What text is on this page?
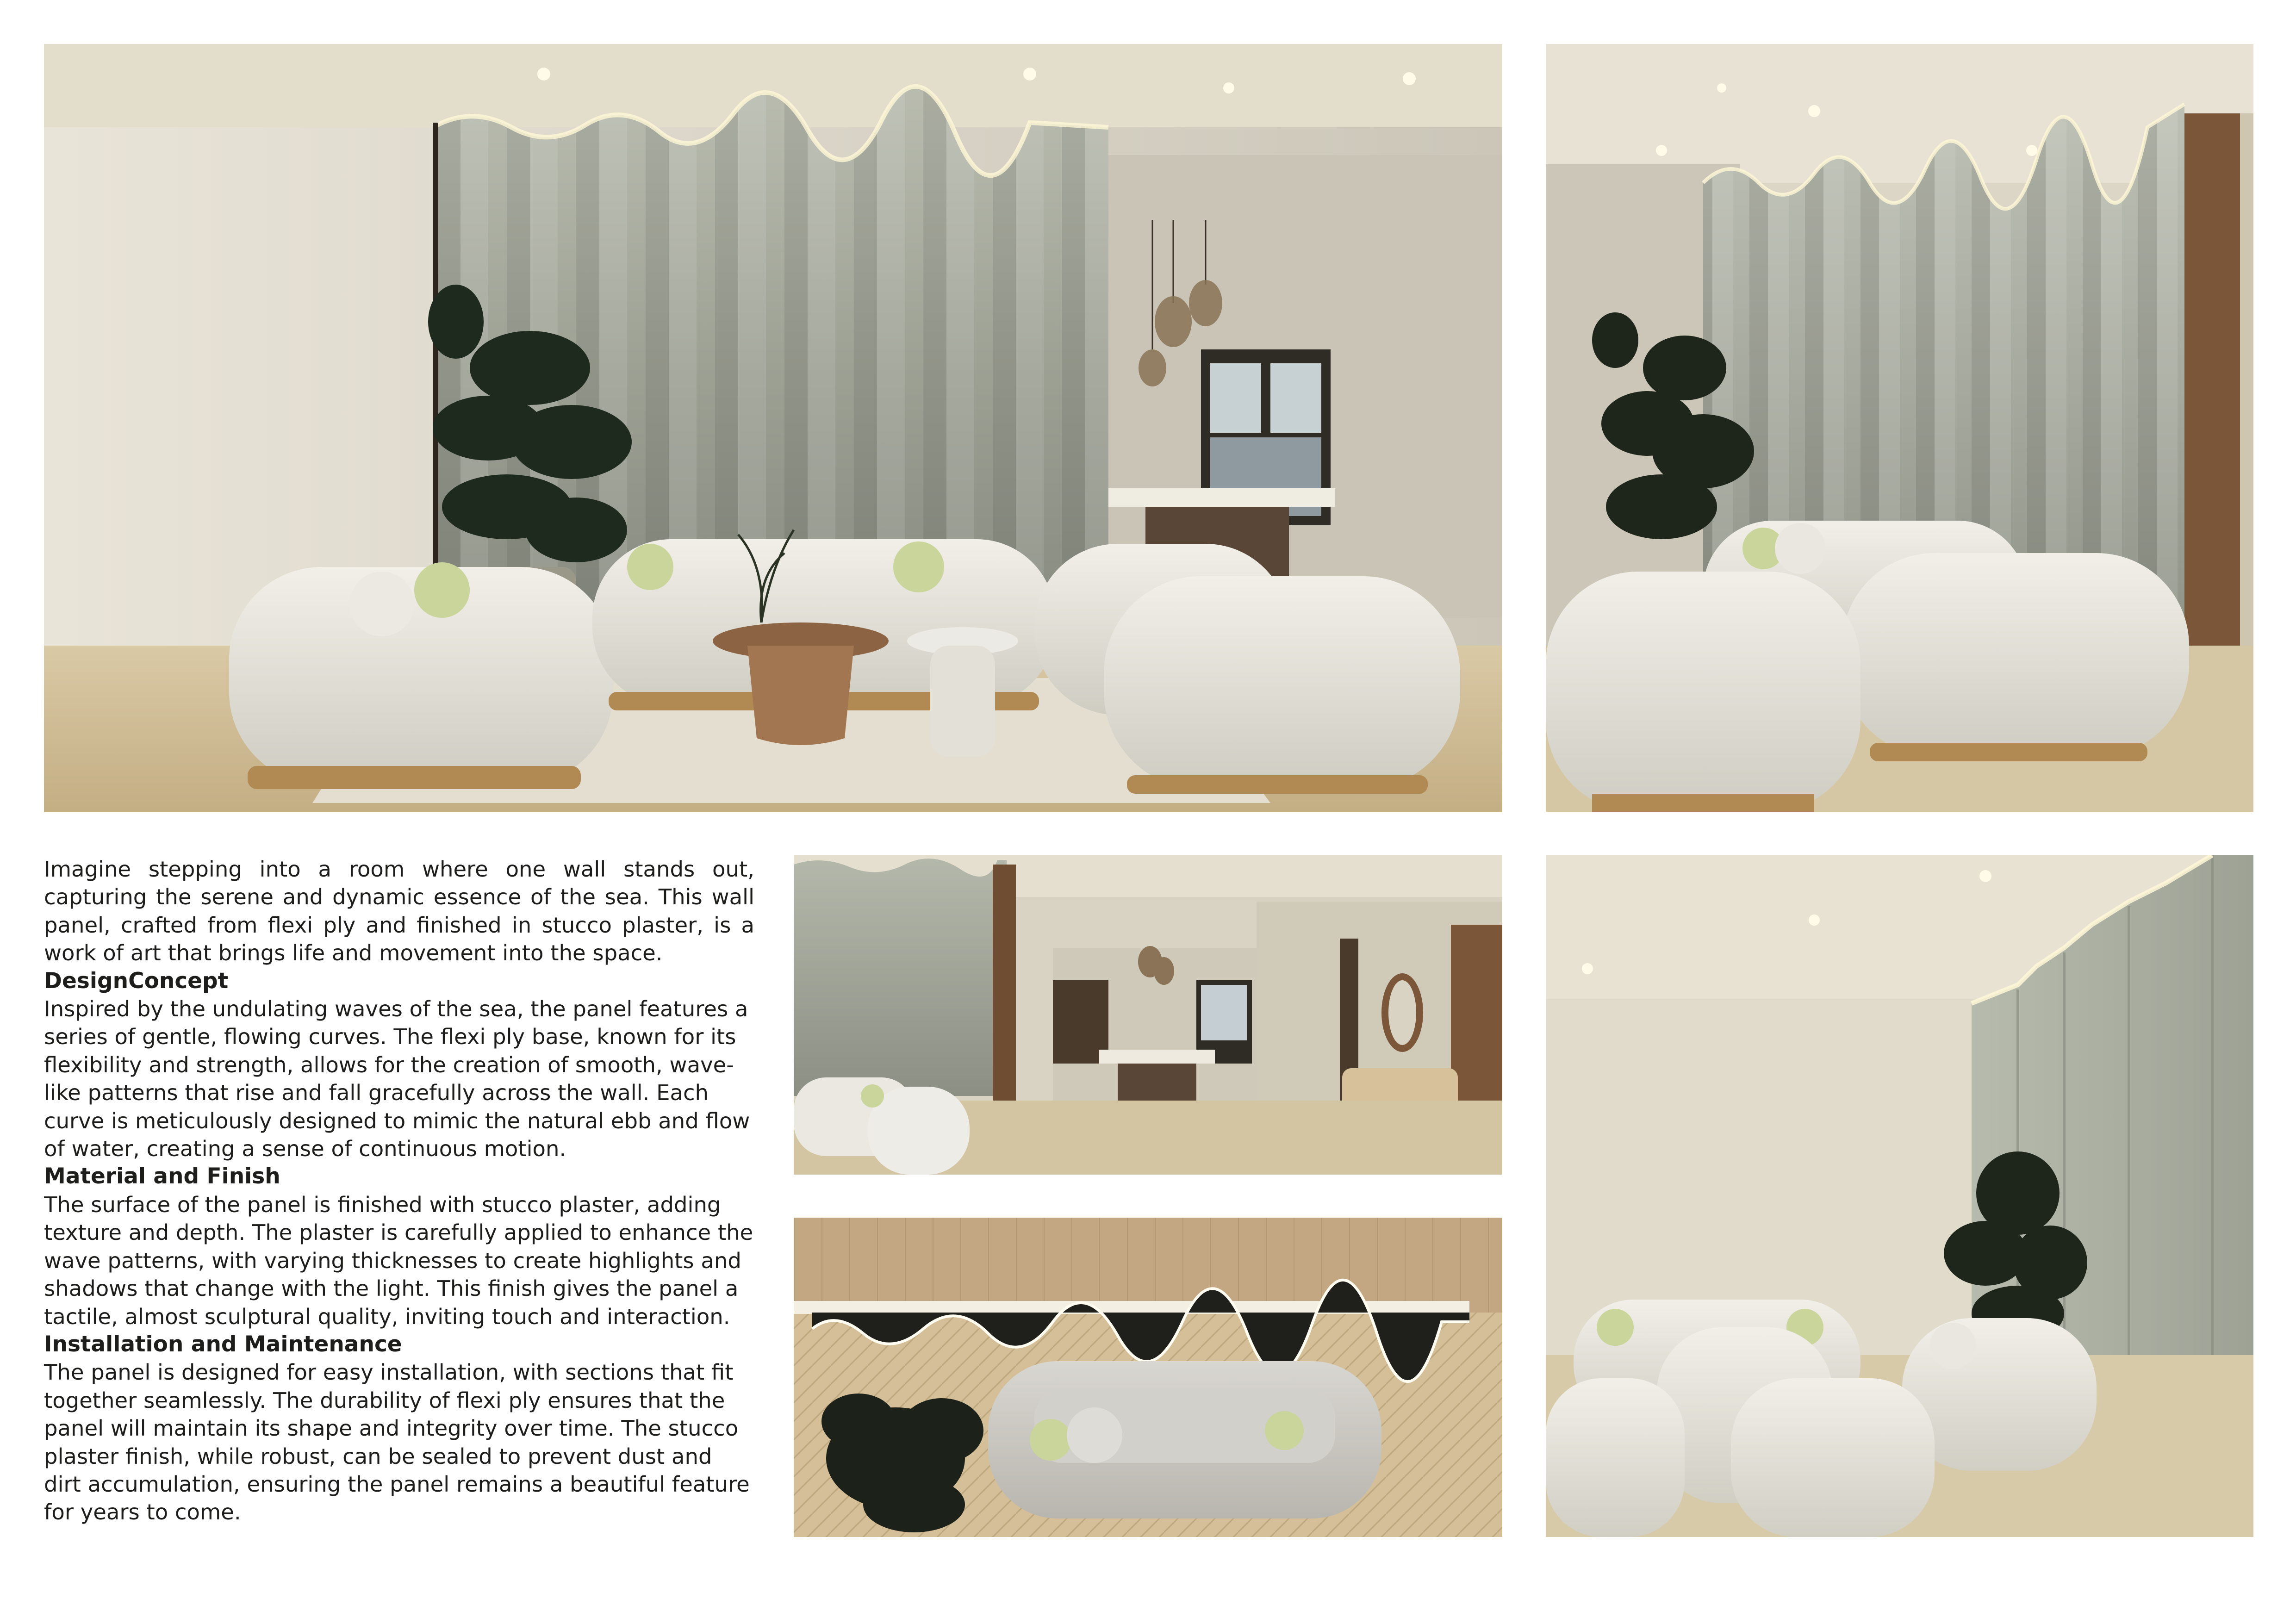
Imagine stepping into a room where one wall stands out, capturing the serene and dynamic essence of the sea. This wall panel, crafted from flexi ply and finished in stucco plaster, is a work of art that brings life and movement into the space.

DesignConcept

Inspired by the undulating waves of the sea, the panel features a series of gentle, flowing curves. The flexi ply base, known for its flexibility and strength, allows for the creation of smooth, wave-like patterns that rise and fall gracefully across the wall. Each curve is meticulously designed to mimic the natural ebb and flow of water, creating a sense of continuous motion.

Material and Finish

The surface of the panel is finished with stucco plaster, adding texture and depth. The plaster is carefully applied to enhance the wave patterns, with varying thicknesses to create highlights and shadows that change with the light. This finish gives the panel a tactile, almost sculptural quality, inviting touch and interaction.

Installation and Maintenance

The panel is designed for easy installation, with sections that fit together seamlessly. The durability of flexi ply ensures that the panel will maintain its shape and integrity over time. The stucco plaster finish, while robust, can be sealed to prevent dust and dirt accumulation, ensuring the panel remains a beautiful feature for years to come.
